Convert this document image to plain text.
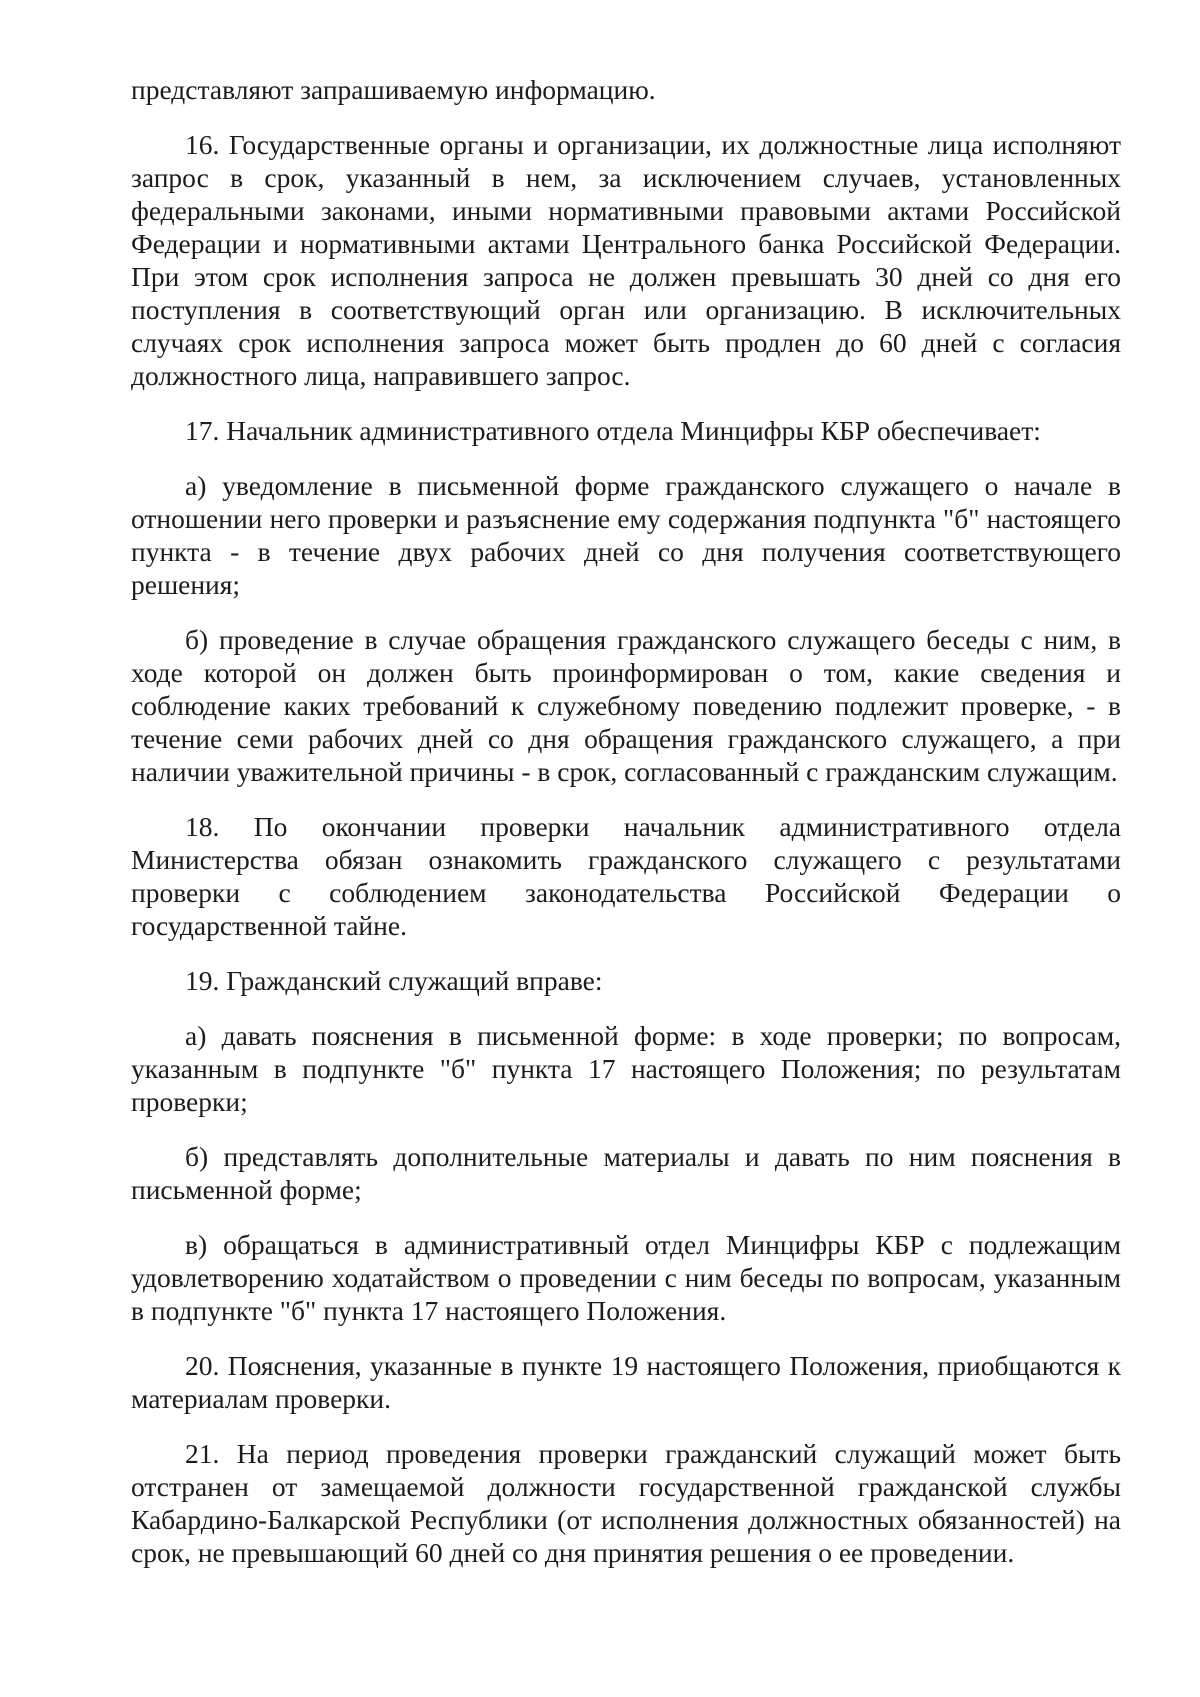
представляют запрашиваемую информацию.

16. Государственные органы и организации, их должностные лица исполняют запрос в срок, указанный в нем, за исключением случаев, установленных федеральными законами, иными нормативными правовыми актами Российской Федерации и нормативными актами Центрального банка Российской Федерации. При этом срок исполнения запроса не должен превышать 30 дней со дня его поступления в соответствующий орган или организацию. В исключительных случаях срок исполнения запроса может быть продлен до 60 дней с согласия должностного лица, направившего запрос.

17. Начальник административного отдела Минцифры КБР обеспечивает:

а) уведомление в письменной форме гражданского служащего о начале в отношении него проверки и разъяснение ему содержания подпункта "б" настоящего пункта - в течение двух рабочих дней со дня получения соответствующего решения;

б) проведение в случае обращения гражданского служащего беседы с ним, в ходе которой он должен быть проинформирован о том, какие сведения и соблюдение каких требований к служебному поведению подлежит проверке, - в течение семи рабочих дней со дня обращения гражданского служащего, а при наличии уважительной причины - в срок, согласованный с гражданским служащим.

18. По окончании проверки начальник административного отдела Министерства обязан ознакомить гражданского служащего с результатами проверки с соблюдением законодательства Российской Федерации о государственной тайне.

19. Гражданский служащий вправе:

а) давать пояснения в письменной форме: в ходе проверки; по вопросам, указанным в подпункте "б" пункта 17 настоящего Положения; по результатам проверки;

б) представлять дополнительные материалы и давать по ним пояснения в письменной форме;

в) обращаться в административный отдел Минцифры КБР с подлежащим удовлетворению ходатайством о проведении с ним беседы по вопросам, указанным в подпункте "б" пункта 17 настоящего Положения.

20. Пояснения, указанные в пункте 19 настоящего Положения, приобщаются к материалам проверки.

21. На период проведения проверки гражданский служащий может быть отстранен от замещаемой должности государственной гражданской службы Кабардино-Балкарской Республики (от исполнения должностных обязанностей) на срок, не превышающий 60 дней со дня принятия решения о ее проведении.
